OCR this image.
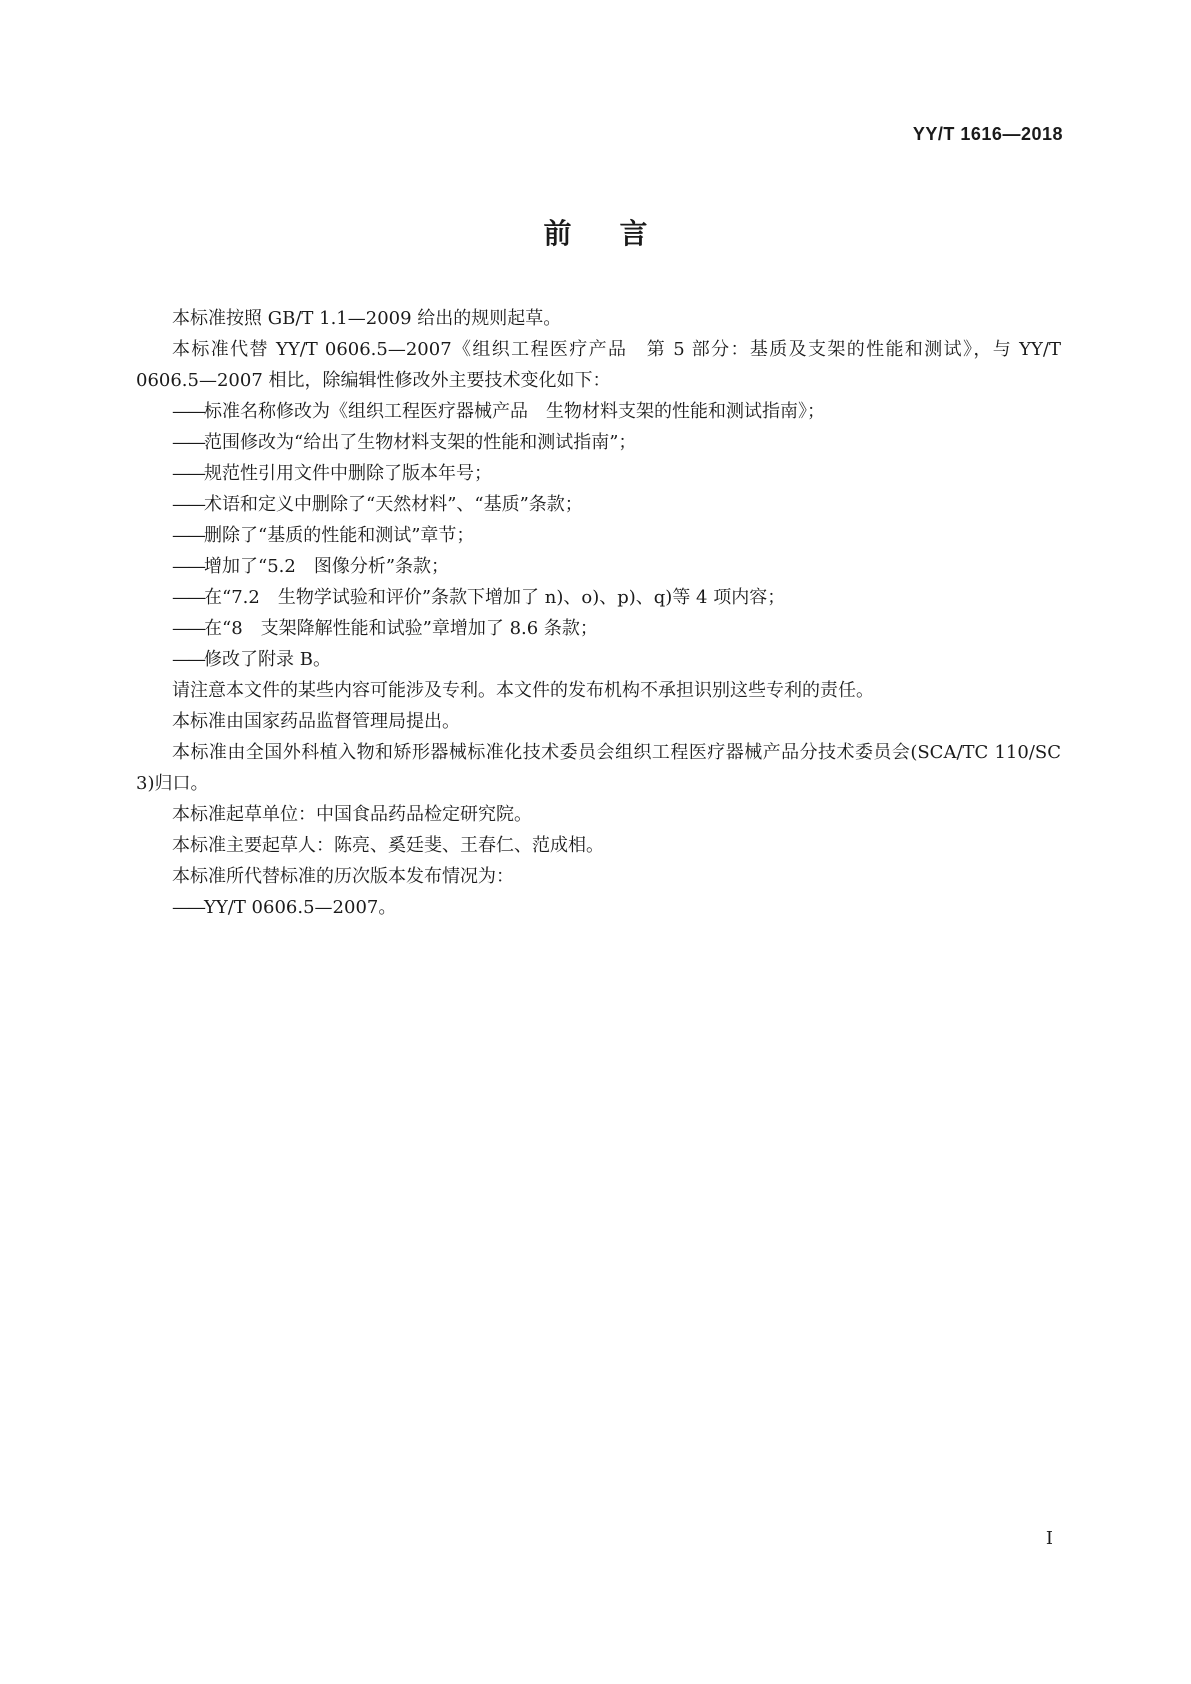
YY/T 1616—2018
前言

本标准按照 GB/T 1.1—2009 给出的规则起草。

本标准代替 YY/T 0606.5—2007《组织工程医疗产品　第 5 部分：基质及支架的性能和测试》，与 YY/T 0606.5—2007 相比，除编辑性修改外主要技术变化如下：

——标准名称修改为《组织工程医疗器械产品　生物材料支架的性能和测试指南》；

——范围修改为“给出了生物材料支架的性能和测试指南”；

——规范性引用文件中删除了版本年号；

——术语和定义中删除了“天然材料”、“基质”条款；

——删除了“基质的性能和测试”章节；

——增加了“5.2　图像分析”条款；

——在“7.2　生物学试验和评价”条款下增加了 n)、o)、p)、q)等 4 项内容；

——在“8　支架降解性能和试验”章增加了 8.6 条款；

——修改了附录 B。

请注意本文件的某些内容可能涉及专利。本文件的发布机构不承担识别这些专利的责任。

本标准由国家药品监督管理局提出。

本标准由全国外科植入物和矫形器械标准化技术委员会组织工程医疗器械产品分技术委员会(SCA/TC 110/SC 3)归口。

本标准起草单位：中国食品药品检定研究院。

本标准主要起草人：陈亮、奚廷斐、王春仁、范成相。

本标准所代替标准的历次版本发布情况为：

——YY/T 0606.5—2007。

I
